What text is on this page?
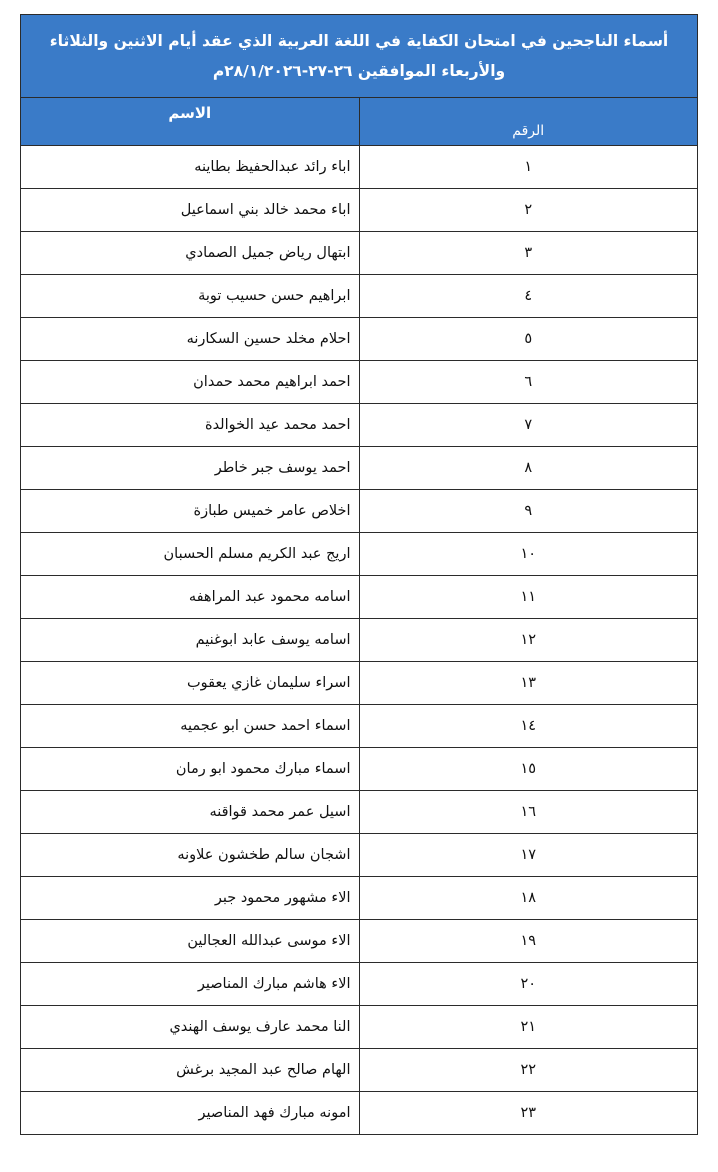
أسماء الناجحين في امتحان الكفاية في اللغة العربية الذي عقد أيام الاثنين والثلاثاء
والأربعاء الموافقين ٢٦-٢٧-٢٨/١/٢٠٢٦م	

الرقم	الاسم
١	اباء رائد عبدالحفيظ بطاينه
٢	اباء محمد خالد بني اسماعيل
٣	ابتهال رياض جميل الصمادي
٤	ابراهيم حسن حسيب توبة
٥	احلام مخلد حسين السكارنه
٦	احمد ابراهيم محمد حمدان
٧	احمد محمد عيد الخوالدة
٨	احمد يوسف جبر خاطر
٩	اخلاص عامر خميس طبازة
١٠	اريج عبد الكريم مسلم الحسبان
١١	اسامه محمود عبد المراهفه
١٢	اسامه يوسف عابد ابوغنيم
١٣	اسراء سليمان غازي يعقوب
١٤	اسماء احمد حسن ابو عجميه
١٥	اسماء مبارك محمود ابو رمان
١٦	اسيل عمر محمد قواقنه
١٧	اشجان سالم طخشون علاونه
١٨	الاء مشهور محمود جبر
١٩	الاء موسى عبدالله العجالين
٢٠	الاء هاشم مبارك المناصير
٢١	النا محمد عارف يوسف الهندي
٢٢	الهام صالح عبد المجيد برغش
٢٣	امونه مبارك فهد المناصير
